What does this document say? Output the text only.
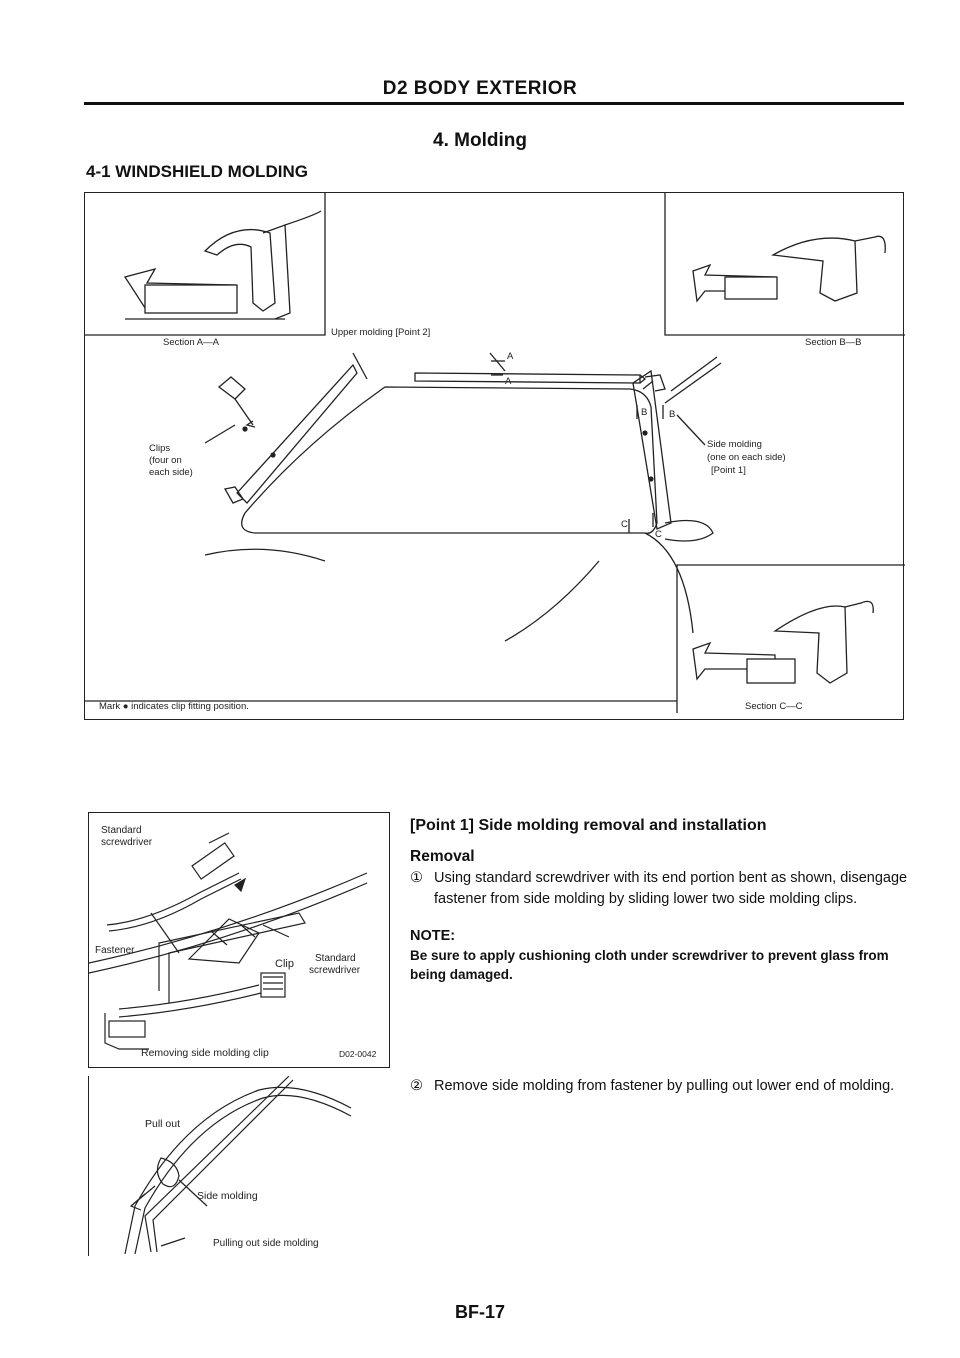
D2 BODY EXTERIOR
4. Molding
4-1 WINDSHIELD MOLDING
Section A—A	Section B—B
Section C—C
Upper molding [Point 2]
Clips
(four on
each side)
Side molding
(one on each side)
[Point 1]
Mark ● indicates clip fitting position.
A
A
B B
C
C
Standard
screwdriver
Fastener
Clip Standard
screwdriver
Removing side molding clip	D02-0042
Pull out
Side molding
Pulling out side molding
[Point 1] Side molding removal and installation
Removal
① Using standard screwdriver with its end portion bent as shown, disengage fastener from side molding by sliding lower two side molding clips.
NOTE:
Be sure to apply cushioning cloth under screwdriver to prevent glass from being damaged.
② Remove side molding from fastener by pulling out lower end of molding.
BF-17
